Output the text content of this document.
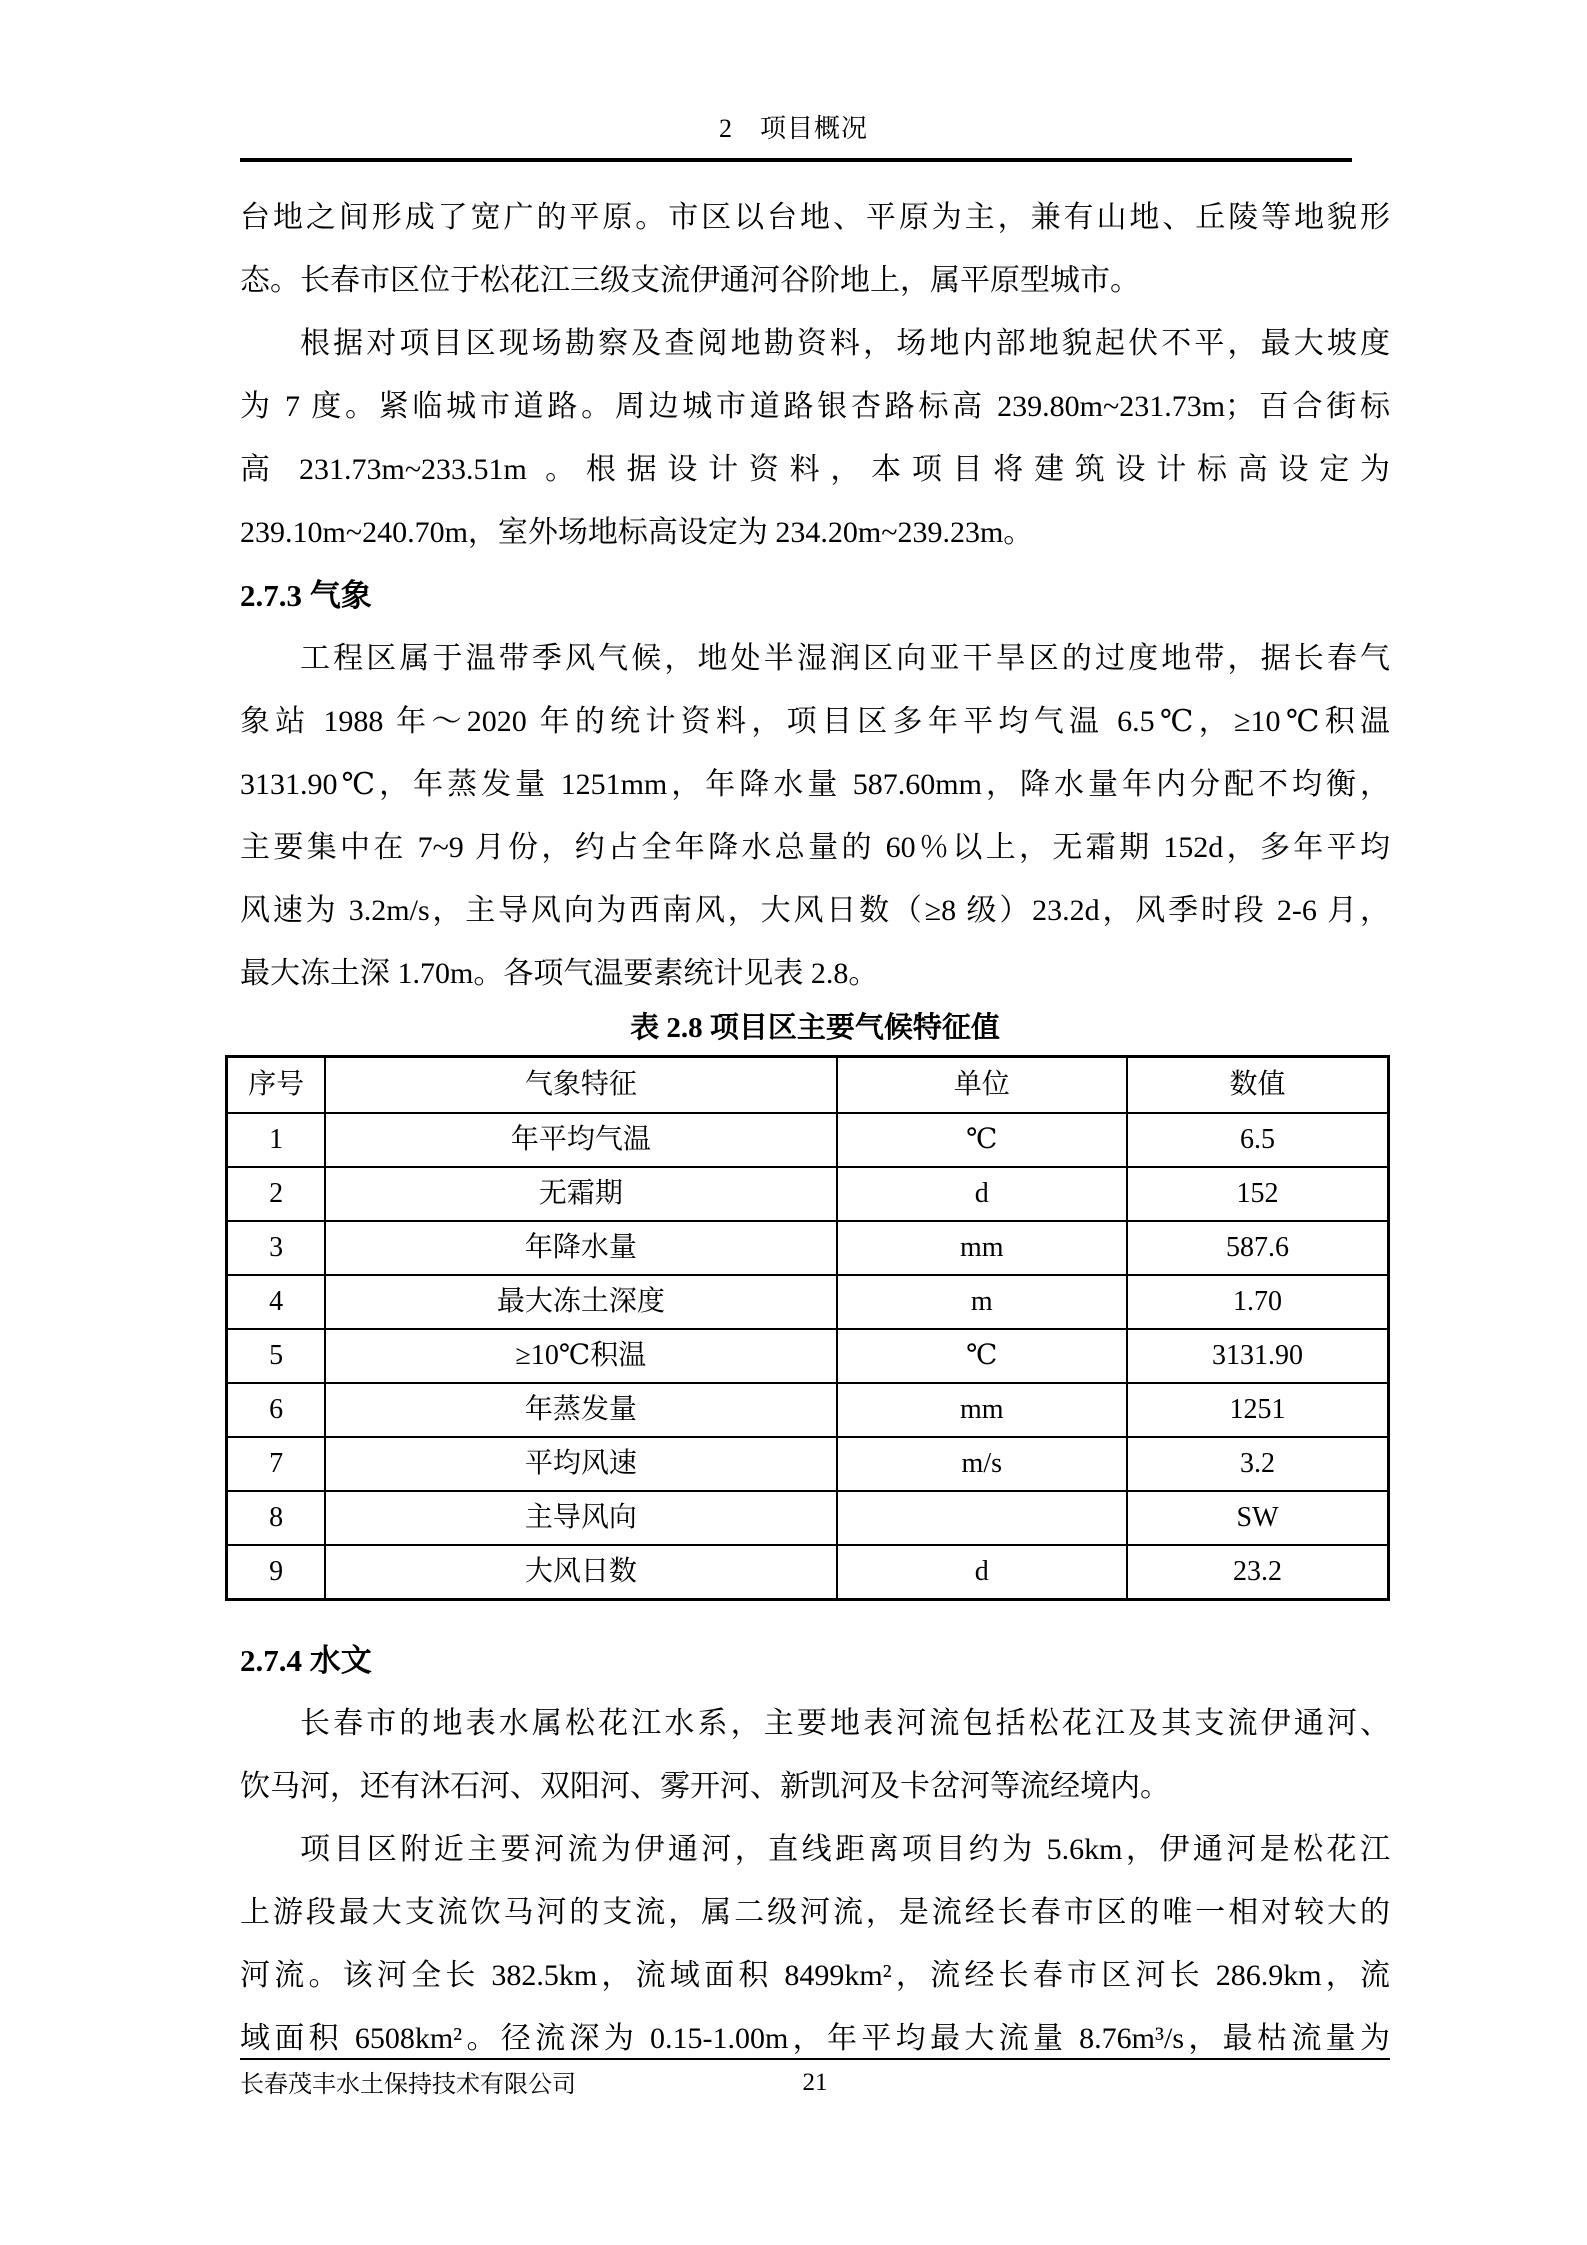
2　项目概况
台地之间形成了宽广的平原。市区以台地、平原为主，兼有山地、丘陵等地貌形
态。长春市区位于松花江三级支流伊通河谷阶地上，属平原型城市。
根据对项目区现场勘察及查阅地勘资料，场地内部地貌起伏不平，最大坡度
为 7 度。紧临城市道路。周边城市道路银杏路标高 239.80m~231.73m；百合街标
高 231.73m~233.51m 。根据设计资料，本项目将建筑设计标高设定为
239.10m~240.70m，室外场地标高设定为 234.20m~239.23m。
2.7.3 气象
工程区属于温带季风气候，地处半湿润区向亚干旱区的过度地带，据长春气
象站 1988 年～2020 年的统计资料，项目区多年平均气温 6.5℃，≥10℃积温
3131.90℃，年蒸发量 1251mm，年降水量 587.60mm，降水量年内分配不均衡，
主要集中在 7~9 月份，约占全年降水总量的 60％以上，无霜期 152d，多年平均
风速为 3.2m/s，主导风向为西南风，大风日数（≥8 级）23.2d，风季时段 2-6 月，
最大冻土深 1.70m。各项气温要素统计见表 2.8。
表 2.8 项目区主要气候特征值
序号	气象特征	单位	数值
1	年平均气温	℃	6.5
2	无霜期	d	152
3	年降水量	mm	587.6
4	最大冻土深度	m	1.70
5	≥10℃积温	℃	3131.90
6	年蒸发量	mm	1251
7	平均风速	m/s	3.2
8	主导风向		SW
9	大风日数	d	23.2
2.7.4 水文
长春市的地表水属松花江水系，主要地表河流包括松花江及其支流伊通河、
饮马河，还有沐石河、双阳河、雾开河、新凯河及卡岔河等流经境内。
项目区附近主要河流为伊通河，直线距离项目约为 5.6km，伊通河是松花江
上游段最大支流饮马河的支流，属二级河流，是流经长春市区的唯一相对较大的
河流。该河全长 382.5km，流域面积 8499km²，流经长春市区河长 286.9km，流
域面积 6508km²。径流深为 0.15-1.00m，年平均最大流量 8.76m³/s，最枯流量为
长春茂丰水土保持技术有限公司	21
